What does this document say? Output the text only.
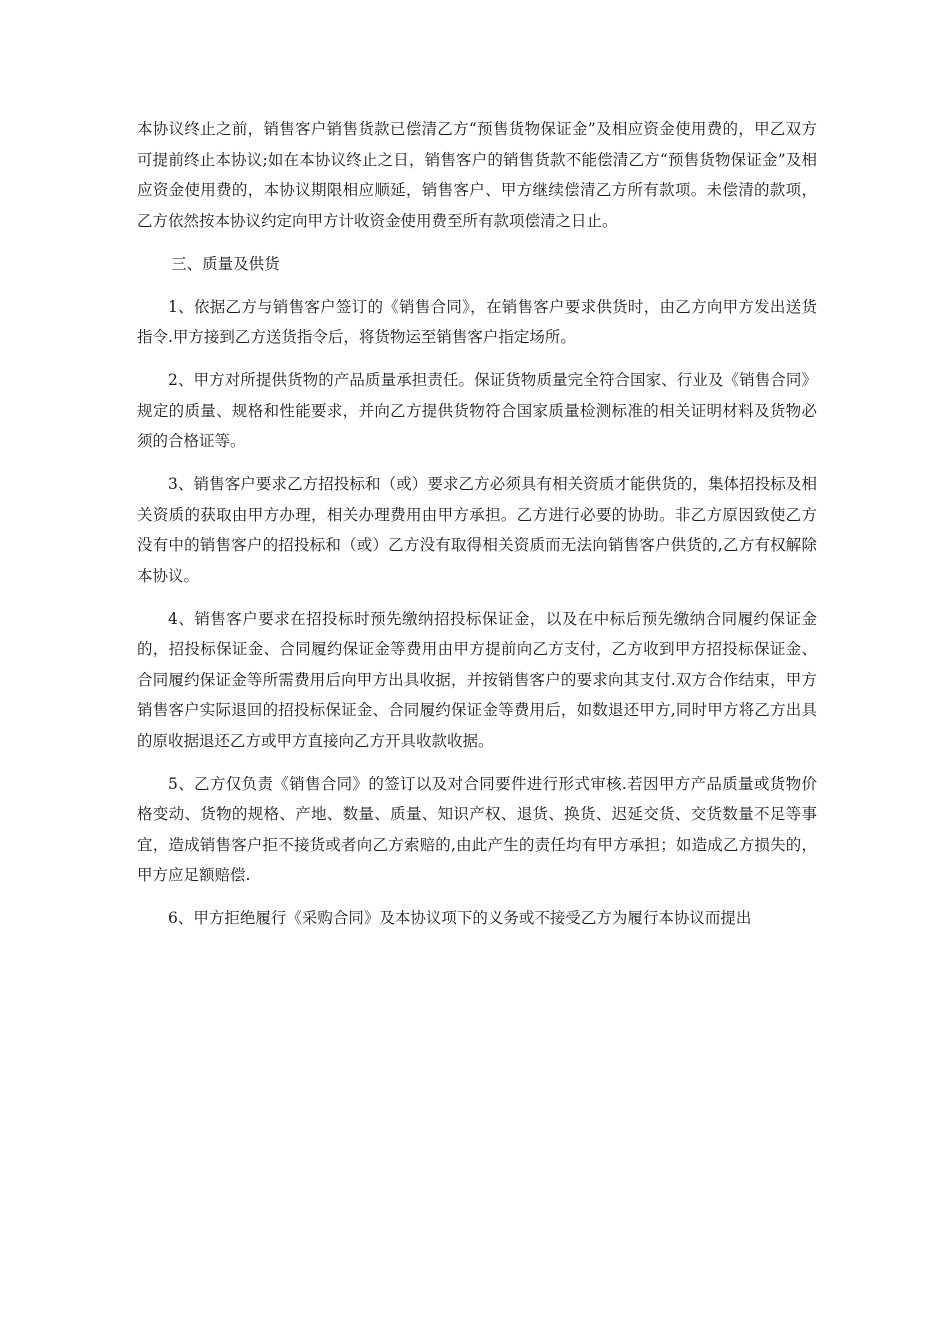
本协议终止之前，销售客户销售货款已偿清乙方“预售货物保证金”及相应资金使用费的，甲乙双方可提前终止本协议;如在本协议终止之日，销售客户的销售货款不能偿清乙方“预售货物保证金”及相应资金使用费的，本协议期限相应顺延，销售客户、甲方继续偿清乙方所有款项。未偿清的款项，乙方依然按本协议约定向甲方计收资金使用费至所有款项偿清之日止。

三、质量及供货

1、依据乙方与销售客户签订的《销售合同》，在销售客户要求供货时，由乙方向甲方发出送货指令.甲方接到乙方送货指令后，将货物运至销售客户指定场所。

2、甲方对所提供货物的产品质量承担责任。保证货物质量完全符合国家、行业及《销售合同》规定的质量、规格和性能要求，并向乙方提供货物符合国家质量检测标准的相关证明材料及货物必须的合格证等。

3、销售客户要求乙方招投标和（或）要求乙方必须具有相关资质才能供货的，集体招投标及相关资质的获取由甲方办理，相关办理费用由甲方承担。乙方进行必要的协助。非乙方原因致使乙方没有中的销售客户的招投标和（或）乙方没有取得相关资质而无法向销售客户供货的,乙方有权解除本协议。

4、销售客户要求在招投标时预先缴纳招投标保证金，以及在中标后预先缴纳合同履约保证金的，招投标保证金、合同履约保证金等费用由甲方提前向乙方支付，乙方收到甲方招投标保证金、合同履约保证金等所需费用后向甲方出具收据，并按销售客户的要求向其支付.双方合作结束，甲方销售客户实际退回的招投标保证金、合同履约保证金等费用后，如数退还甲方,同时甲方将乙方出具的原收据退还乙方或甲方直接向乙方开具收款收据。

5、乙方仅负责《销售合同》的签订以及对合同要件进行形式审核.若因甲方产品质量或货物价格变动、货物的规格、产地、数量、质量、知识产权、退货、换货、迟延交货、交货数量不足等事宜，造成销售客户拒不接货或者向乙方索赔的,由此产生的责任均有甲方承担；如造成乙方损失的，甲方应足额赔偿.

6、甲方拒绝履行《采购合同》及本协议项下的义务或不接受乙方为履行本协议而提出
